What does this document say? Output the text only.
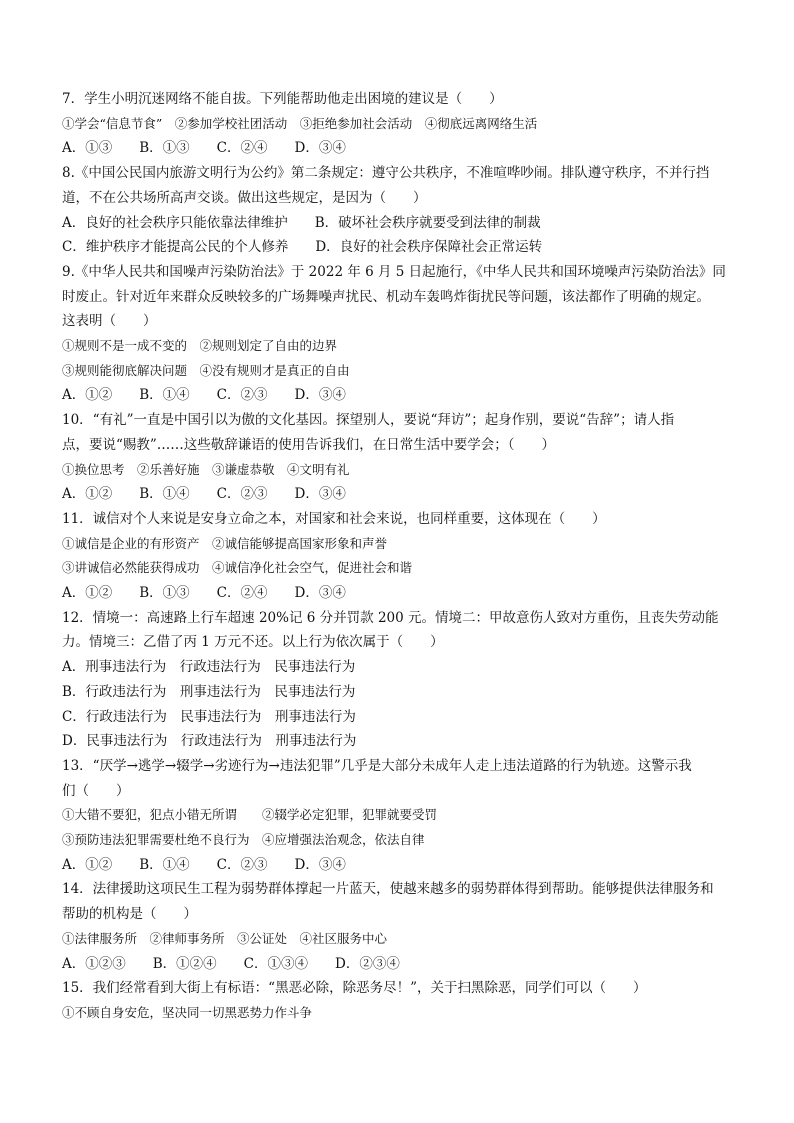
7．学生小明沉迷网络不能自拔。下列能帮助他走出困境的建议是（　　）
①学会“信息节食”　②参加学校社团活动　③拒绝参加社会活动　④彻底远离网络生活
A．①③　　B．①③　　C．②④　　D．③④
8.《中国公民国内旅游文明行为公约》第二条规定：遵守公共秩序，不准喧哗吵闹。排队遵守秩序，不并行挡
道，不在公共场所高声交谈。做出这些规定，是因为（　　）
A．良好的社会秩序只能依靠法律维护　　B．破坏社会秩序就要受到法律的制裁
C．维护秩序才能提高公民的个人修养　　D．良好的社会秩序保障社会正常运转
9.《中华人民共和国噪声污染防治法》于 2022 年 6 月 5 日起施行，《中华人民共和国环境噪声污染防治法》同
时废止。针对近年来群众反映较多的广场舞噪声扰民、机动车轰鸣炸街扰民等问题，该法都作了明确的规定。
这表明（　　）
①规则不是一成不变的　②规则划定了自由的边界
③规则能彻底解决问题　④没有规则才是真正的自由
A．①②　　B．①④　　C．②③　　D．③④
10．“有礼”一直是中国引以为傲的文化基因。探望别人，要说“拜访”；起身作别，要说“告辞”；请人指
点，要说“赐教”……这些敬辞谦语的使用告诉我们，在日常生活中要学会；（　　）
①换位思考　②乐善好施　③谦虚恭敬　④文明有礼
A．①②　　B．①④　　C．②③　　D．③④
11．诚信对个人来说是安身立命之本，对国家和社会来说，也同样重要，这体现在（　　）
①诚信是企业的有形资产　②诚信能够提高国家形象和声誉
③讲诚信必然能获得成功　④诚信净化社会空气，促进社会和谐
A．①②　　B．①③　　C．②④　　D．③④
12．情境一：高速路上行车超速 20%记 6 分并罚款 200 元。情境二：甲故意伤人致对方重伤，且丧失劳动能
力。情境三：乙借了丙 1 万元不还。以上行为依次属于（　　）
A．刑事违法行为　行政违法行为　民事违法行为
B．行政违法行为　刑事违法行为　民事违法行为
C．行政违法行为　民事违法行为　刑事违法行为
D．民事违法行为　行政违法行为　刑事违法行为
13．“厌学→逃学→辍学→劣迹行为→违法犯罪”几乎是大部分未成年人走上违法道路的行为轨迹。这警示我
们（　　）
①大错不要犯，犯点小错无所谓　　②辍学必定犯罪，犯罪就要受罚
③预防违法犯罪需要杜绝不良行为　④应增强法治观念，依法自律
A．①②　　B．①④　　C．②③　　D．③④
14．法律援助这项民生工程为弱势群体撑起一片蓝天，使越来越多的弱势群体得到帮助。能够提供法律服务和
帮助的机构是（　　）
①法律服务所　②律师事务所　③公证处　④社区服务中心
A．①②③　　B．①②④　　C．①③④　　D．②③④
15．我们经常看到大街上有标语：“黑恶必除，除恶务尽！”，关于扫黑除恶，同学们可以（　　）
①不顾自身安危，坚决同一切黑恶势力作斗争
